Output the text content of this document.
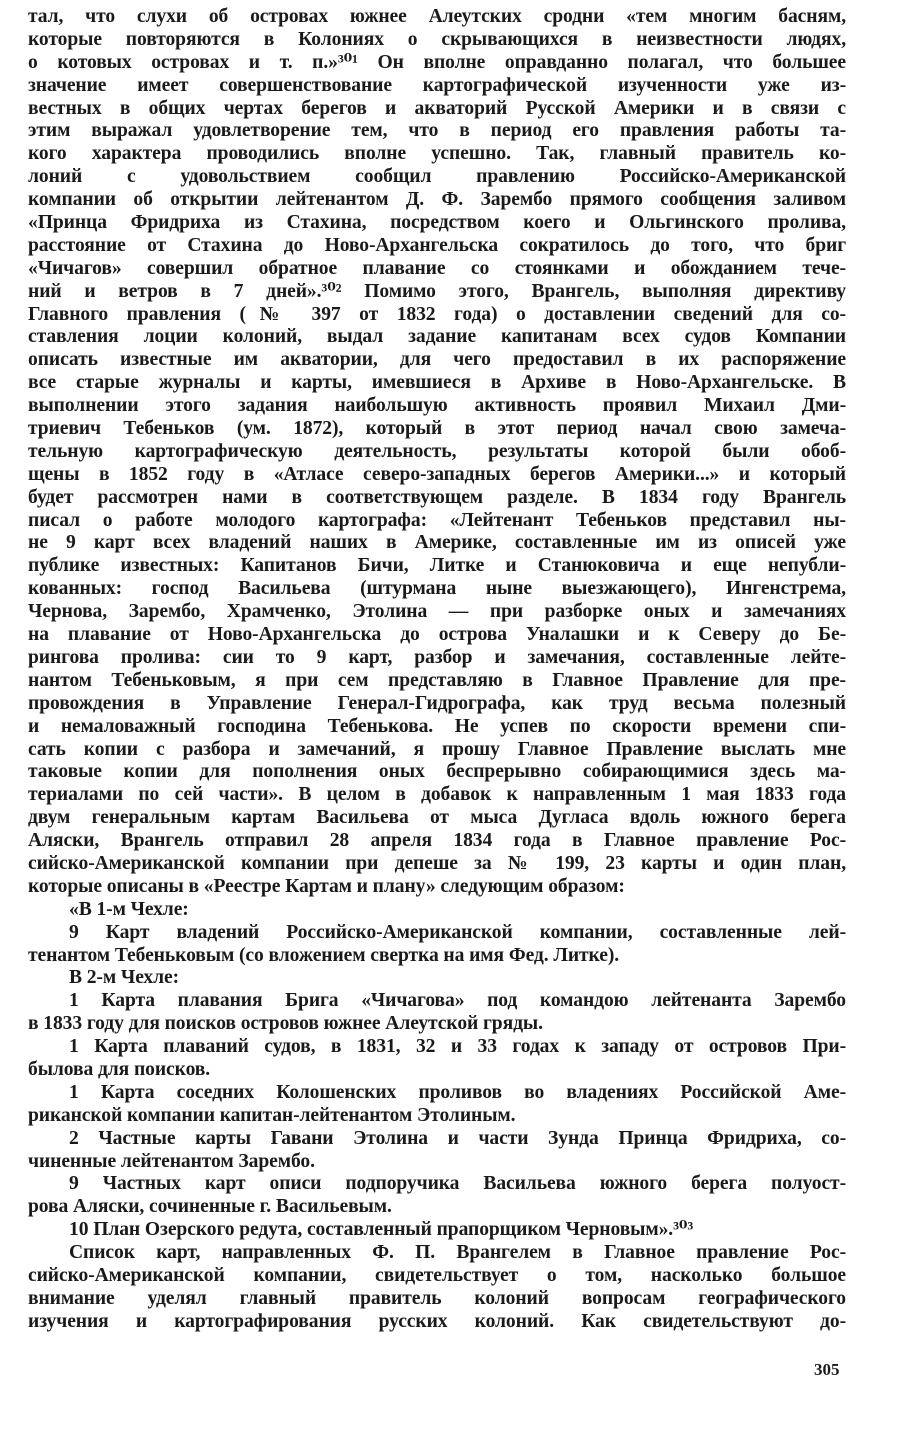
тал, что слухи об островах южнее Алеутских сродни «тем многим басням,
которые повторяются в Колониях о скрывающихся в неизвестности людях,
о котовых островах и т. п.»³⁰¹ Он вполне оправданно полагал, что большее
значение имеет совершенствование картографической изученности уже из-
вестных в общих чертах берегов и акваторий Русской Америки и в связи с
этим выражал удовлетворение тем, что в период его правления работы та-
кого характера проводились вполне успешно. Так, главный правитель ко-
лоний с удовольствием сообщил правлению Российско-Американской
компании об открытии лейтенантом Д. Ф. Зарембо прямого сообщения заливом
«Принца Фридриха из Стахина, посредством коего и Ольгинского пролива,
расстояние от Стахина до Ново-Архангельска сократилось до того, что бриг
«Чичагов» совершил обратное плавание со стоянками и обожданием тече-
ний и ветров в 7 дней».³⁰² Помимо этого, Врангель, выполняя директиву
Главного правления (№ 397 от 1832 года) о доставлении сведений для со-
ставления лоции колоний, выдал задание капитанам всех судов Компании
описать известные им акватории, для чего предоставил в их распоряжение
все старые журналы и карты, имевшиеся в Архиве в Ново-Архангельске. В
выполнении этого задания наибольшую активность проявил Михаил Дми-
триевич Тебеньков (ум. 1872), который в этот период начал свою замеча-
тельную картографическую деятельность, результаты которой были обоб-
щены в 1852 году в «Атласе северо-западных берегов Америки...» и который
будет рассмотрен нами в соответствующем разделе. В 1834 году Врангель
писал о работе молодого картографа: «Лейтенант Тебеньков представил ны-
не 9 карт всех владений наших в Америке, составленные им из описей уже
публике известных: Капитанов Бичи, Литке и Станюковича и еще непубли-
кованных: господ Васильева (штурмана ныне выезжающего), Ингенстрема,
Чернова, Зарембо, Храмченко, Этолина — при разборке оных и замечаниях
на плавание от Ново-Архангельска до острова Уналашки и к Северу до Бе-
рингова пролива: сии то 9 карт, разбор и замечания, составленные лейте-
нантом Тебеньковым, я при сем представляю в Главное Правление для пре-
провождения в Управление Генерал-Гидрографа, как труд весьма полезный
и немаловажный господина Тебенькова. Не успев по скорости времени спи-
сать копии с разбора и замечаний, я прошу Главное Правление выслать мне
таковые копии для пополнения оных беспрерывно собирающимися здесь ма-
териалами по сей части». В целом в добавок к направленным 1 мая 1833 года
двум генеральным картам Васильева от мыса Дугласа вдоль южного берега
Аляски, Врангель отправил 28 апреля 1834 года в Главное правление Рос-
сийско-Американской компании при депеше за № 199, 23 карты и один план,
которые описаны в «Реестре Картам и плану» следующим образом:
«В 1-м Чехле:
9 Карт владений Российско-Американской компании, составленные лей-
тенантом Тебеньковым (со вложением свертка на имя Фед. Литке).
В 2-м Чехле:
1 Карта плавания Брига «Чичагова» под командою лейтенанта Зарембо
в 1833 году для поисков островов южнее Алеутской гряды.
1 Карта плаваний судов, в 1831, 32 и 33 годах к западу от островов При-
былова для поисков.
1 Карта соседних Колошенских проливов во владениях Российской Аме-
риканской компании капитан-лейтенантом Этолиным.
2 Частные карты Гавани Этолина и части Зунда Принца Фридриха, со-
чиненные лейтенантом Зарембо.
9 Частных карт описи подпоручика Васильева южного берега полуост-
рова Аляски, сочиненные г. Васильевым.
10 План Озерского редута, составленный прапорщиком Черновым».³⁰³
Список карт, направленных Ф. П. Врангелем в Главное правление Рос-
сийско-Американской компании, свидетельствует о том, насколько большое
внимание уделял главный правитель колоний вопросам географического
изучения и картографирования русских колоний. Как свидетельствуют до-
305
